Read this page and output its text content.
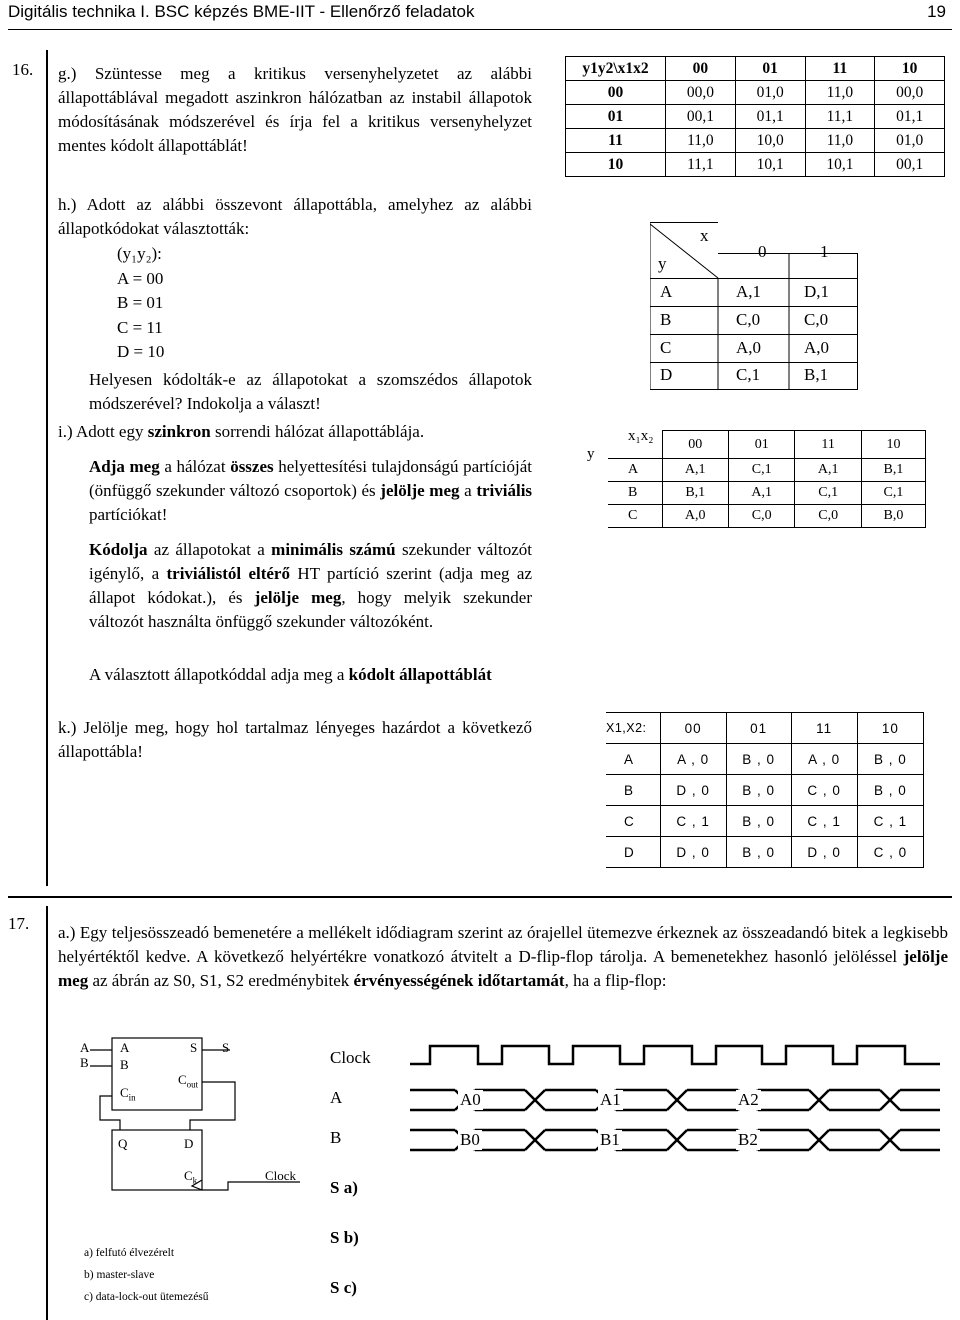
Digitális technika I. BSC képzés BME-IIT - Ellenőrző feladatok	19
16. g.) Szüntesse meg a kritikus versenyhelyzetet az alábbi állapottáblával megadott aszinkron hálózatban az instabil állapotok módosításának módszerével és írja fel a kritikus versenyhelyzet mentes kódolt állapottáblát!
h.) Adott az alábbi összevont állapottábla, amelyhez az alábbi állapotkódokat választották:
(y₁y₂):
A = 00
B = 01
C = 11
D = 10
Helyesen kódolták-e az állapotokat a szomszédos állapotok módszerével? Indokolja a választ!
i.) Adott egy szinkron sorrendi hálózat állapottáblája.
Adja meg a hálózat összes helyettesítési tulajdonságú partícióját (önfüggő szekunder változó csoportok) és jelölje meg a triviális partíciókat!
Kódolja az állapotokat a minimális számú szekunder változót igénylő, a triviálistól eltérő HT partíció szerint (adja meg az állapot kódokat.), és jelölje meg, hogy melyik szekunder változót használta önfüggő szekunder változóként.
A választott állapotkóddal adja meg a kódolt állapottáblát
k.) Jelölje meg, hogy hol tartalmaz lényeges hazárdot a következő állapottábla!
y1y2\x1x2	00	01	11	10
00	00,0	01,0	11,0	00,0
01	00,1	01,1	11,1	01,1
11	11,0	10,0	11,0	01,0
10	11,1	10,1	10,1	00,1
x
y
0	1
A	A,1	D,1
B	C,0	C,0
C	A,0	A,0
D	C,1	B,1
x₁x₂
y
	00	01	11	10
A	A,1	C,1	A,1	B,1
B	B,1	A,1	C,1	C,1
C	A,0	C,0	C,0	B,0
X1,X2:	00	01	11	10
A	A , 0	B , 0	A , 0	B , 0
B	D , 0	B , 0	C , 0	B , 0
C	C , 1	B , 0	C , 1	C , 1
D	D , 0	B , 0	D , 0	C , 0
17. a.) Egy teljesösszeadó bemenetére a mellékelt idődiagram szerint az órajellel ütemezve érkeznek az összeadandó bitek a legkisebb helyértéktől kedve. A következő helyértékre vonatkozó átvitelt a D-flip-flop tárolja. A bemenetekhez hasonló jelöléssel jelölje meg az ábrán az S0, S1, S2 eredménybitek érvényességének időtartamát, ha a flip-flop:
A
B
A
B
$C_{in}$
S
$C_{out}$
S
Q	D
$C_k$	Clock
a) felfutó élvezérelt
b) master-slave
c) data-lock-out ütemezésű
Clock
A
B
S a)
S b)
S c)
A0	A1	A2
B0	B1	B2
